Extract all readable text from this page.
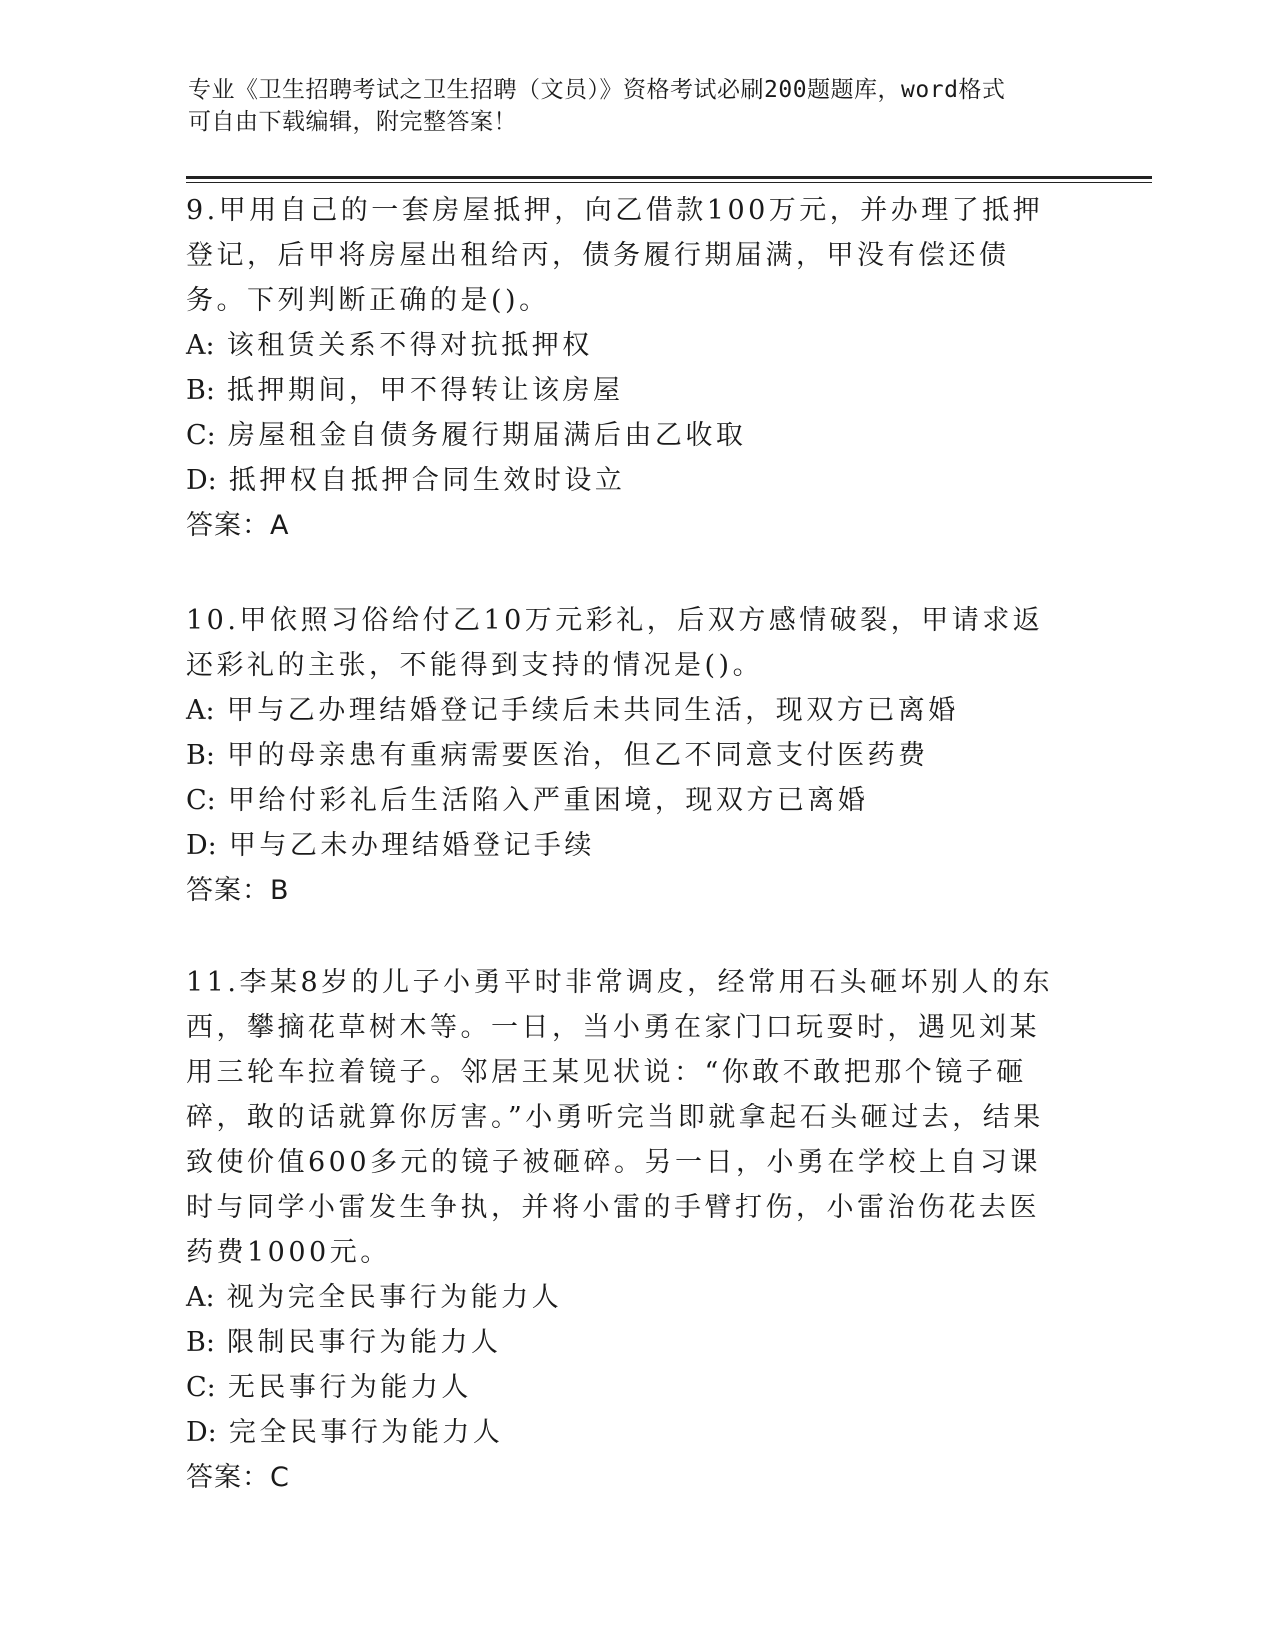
专业《卫生招聘考试之卫生招聘（文员）》资格考试必刷200题题库，word格式
可自由下载编辑，附完整答案！

9.甲用自己的一套房屋抵押，向乙借款100万元，并办理了抵押登记，后甲将房屋出租给丙，债务履行期届满，甲没有偿还债务。下列判断正确的是()。

A: 该租赁关系不得对抗抵押权

B: 抵押期间，甲不得转让该房屋

C: 房屋租金自债务履行期届满后由乙收取

D: 抵押权自抵押合同生效时设立

答案：A

10.甲依照习俗给付乙10万元彩礼，后双方感情破裂，甲请求返还彩礼的主张，不能得到支持的情况是()。

A: 甲与乙办理结婚登记手续后未共同生活，现双方已离婚

B: 甲的母亲患有重病需要医治，但乙不同意支付医药费

C: 甲给付彩礼后生活陷入严重困境，现双方已离婚

D: 甲与乙未办理结婚登记手续

答案：B

11.李某8岁的儿子小勇平时非常调皮，经常用石头砸坏别人的东西，攀摘花草树木等。一日，当小勇在家门口玩耍时，遇见刘某用三轮车拉着镜子。邻居王某见状说：“你敢不敢把那个镜子砸碎，敢的话就算你厉害。”小勇听完当即就拿起石头砸过去，结果致使价值600多元的镜子被砸碎。另一日，小勇在学校上自习课时与同学小雷发生争执，并将小雷的手臂打伤，小雷治伤花去医药费1000元。

A: 视为完全民事行为能力人

B: 限制民事行为能力人

C: 无民事行为能力人

D: 完全民事行为能力人

答案：C
